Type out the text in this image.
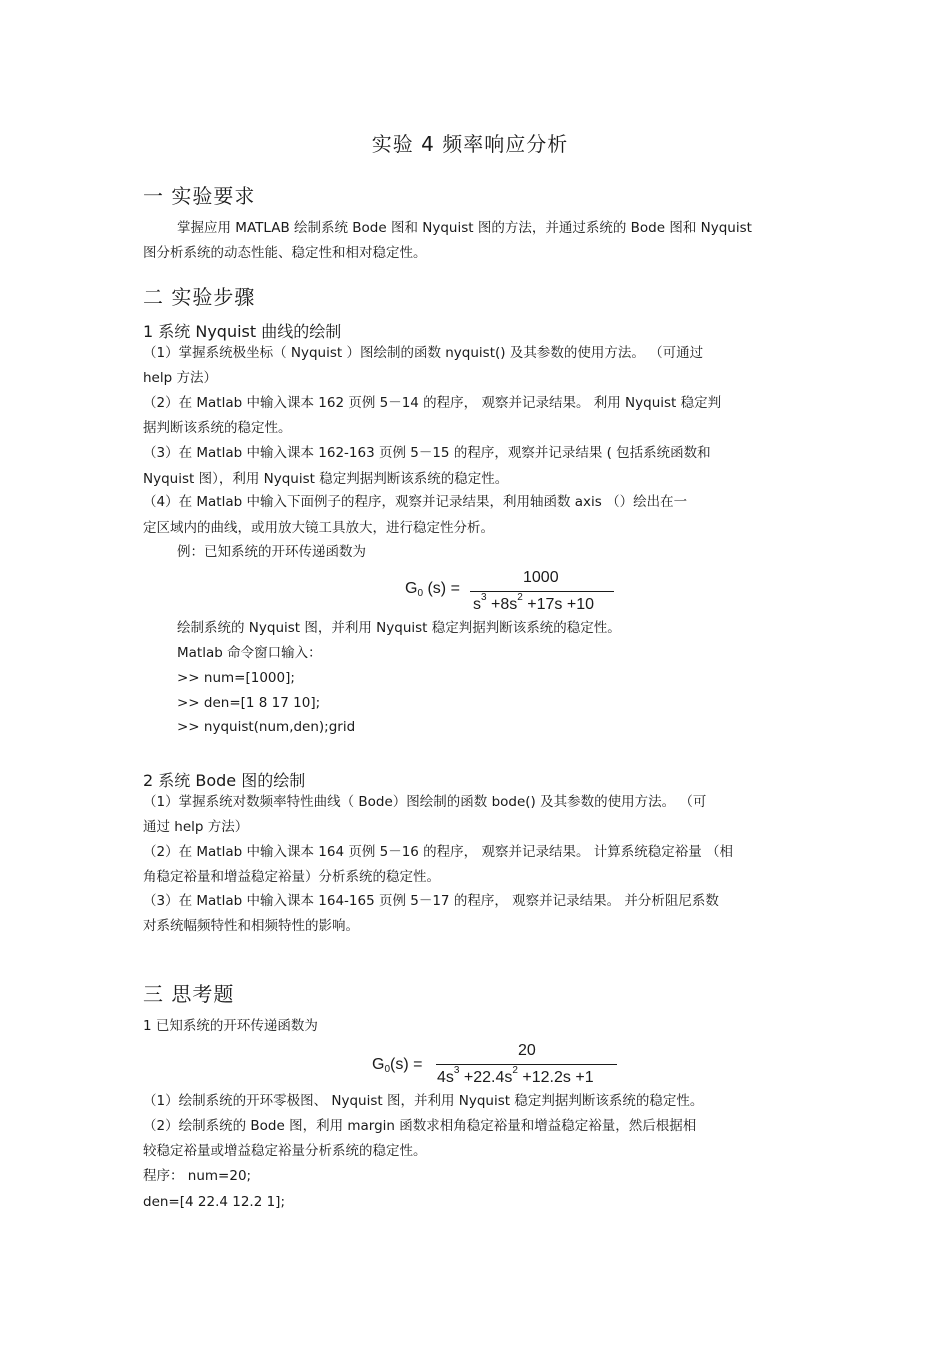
实验 4 频率响应分析
一 实验要求
掌握应用 MATLAB 绘制系统 Bode 图和 Nyquist 图的方法，并通过系统的 Bode 图和 Nyquist
图分析系统的动态性能、稳定性和相对稳定性。
二 实验步骤
1 系统 Nyquist 曲线的绘制
（1）掌握系统极坐标（ Nyquist ）图绘制的函数 nyquist() 及其参数的使用方法。 （可通过
help 方法）
（2）在 Matlab 中输入课本 162 页例 5－14 的程序， 观察并记录结果。 利用 Nyquist 稳定判
据判断该系统的稳定性。
（3）在 Matlab 中输入课本 162-163 页例 5－15 的程序，观察并记录结果 ( 包括系统函数和
Nyquist 图），利用 Nyquist 稳定判据判断该系统的稳定性。
（4）在 Matlab 中输入下面例子的程序，观察并记录结果，利用轴函数 axis （）绘出在一
定区域内的曲线，或用放大镜工具放大，进行稳定性分析。
例：已知系统的开环传递函数为
G0 (s) =
1000
$s^3 +8s^2 +17s +10$
绘制系统的 Nyquist 图，并利用 Nyquist 稳定判据判断该系统的稳定性。
Matlab 命令窗口输入：
>> num=[1000];
>> den=[1 8 17 10];
>> nyquist(num,den);grid
2 系统 Bode 图的绘制
（1）掌握系统对数频率特性曲线（ Bode）图绘制的函数 bode() 及其参数的使用方法。 （可
通过 help 方法）
（2）在 Matlab 中输入课本 164 页例 5－16 的程序， 观察并记录结果。 计算系统稳定裕量 （相
角稳定裕量和增益稳定裕量）分析系统的稳定性。
（3）在 Matlab 中输入课本 164-165 页例 5－17 的程序， 观察并记录结果。 并分析阻尼系数
对系统幅频特性和相频特性的影响。
三 思考题
1 已知系统的开环传递函数为
G0(s) =
20
$4s^3 +22.4s^2 +12.2s +1$
（1）绘制系统的开环零极图、 Nyquist 图，并利用 Nyquist 稳定判据判断该系统的稳定性。
（2）绘制系统的 Bode 图，利用 margin 函数求相角稳定裕量和增益稳定裕量，然后根据相
较稳定裕量或增益稳定裕量分析系统的稳定性。
程序： num=20;
den=[4 22.4 12.2 1];
